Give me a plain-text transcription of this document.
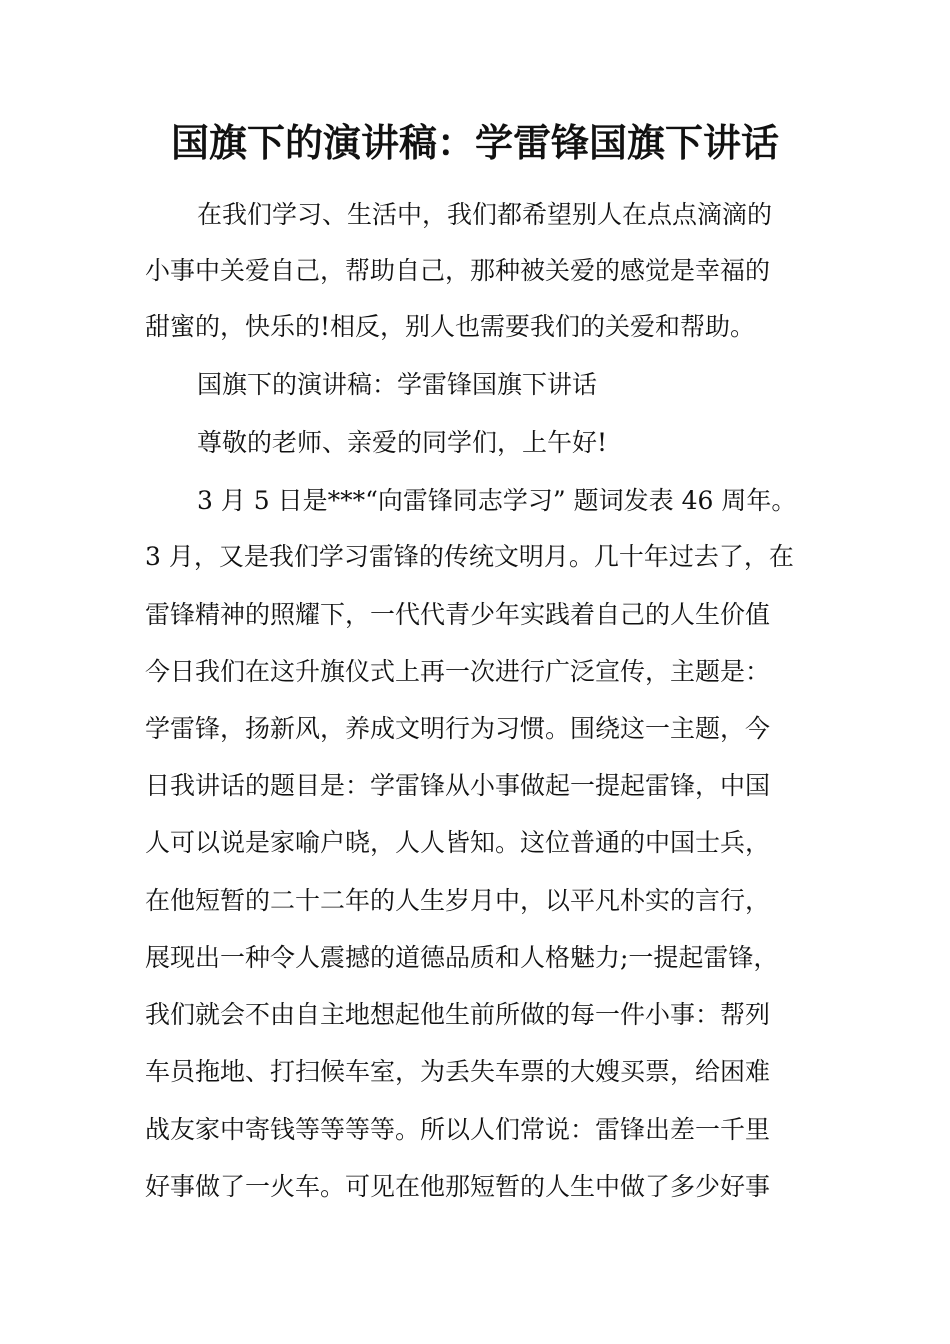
国旗下的演讲稿：学雷锋国旗下讲话
在我们学习、生活中，我们都希望别人在点点滴滴的
小事中关爱自己，帮助自己，那种被关爱的感觉是幸福的
甜蜜的，快乐的!相反，别人也需要我们的关爱和帮助。
国旗下的演讲稿：学雷锋国旗下讲话
尊敬的老师、亲爱的同学们，上午好!
3 月 5 日是***“向雷锋同志学习” 题词发表 46 周年。
3 月，又是我们学习雷锋的传统文明月。几十年过去了，在
雷锋精神的照耀下，一代代青少年实践着自己的人生价值
今日我们在这升旗仪式上再一次进行广泛宣传，主题是：
学雷锋，扬新风，养成文明行为习惯。围绕这一主题，今
日我讲话的题目是：学雷锋从小事做起一提起雷锋，中国
人可以说是家喻户晓，人人皆知。这位普通的中国士兵，
在他短暂的二十二年的人生岁月中，以平凡朴实的言行，
展现出一种令人震撼的道德品质和人格魅力;一提起雷锋，
我们就会不由自主地想起他生前所做的每一件小事：帮列
车员拖地、打扫候车室，为丢失车票的大嫂买票，给困难
战友家中寄钱等等等等。所以人们常说：雷锋出差一千里
好事做了一火车。可见在他那短暂的人生中做了多少好事
